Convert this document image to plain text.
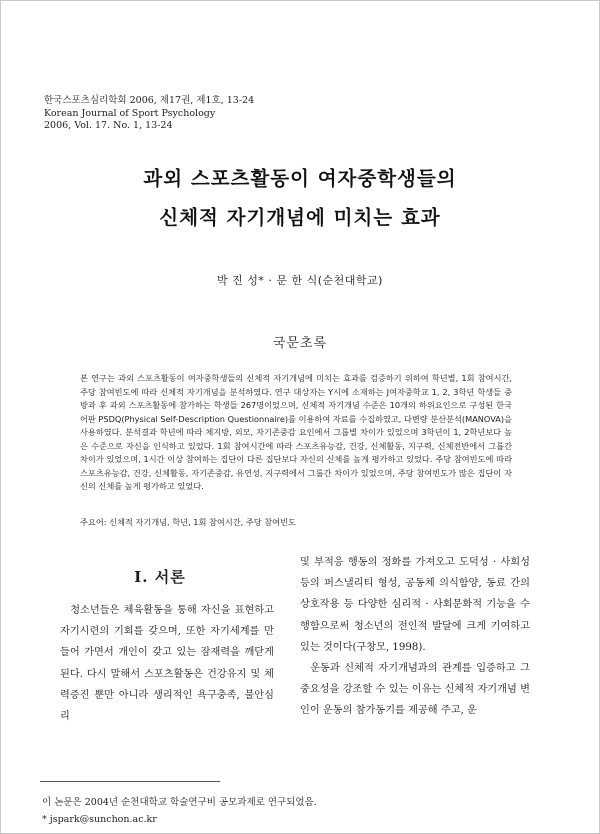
한국스포츠심리학회 2006, 제17권, 제1호, 13-24
Korean Journal of Sport Psychology
2006, Vol. 17. No. 1, 13-24
과외 스포츠활동이 여자중학생들의
신체적 자기개념에 미치는 효과
박 진 성* · 문 한 식(순천대학교)
국문초록

본 연구는 과외 스포츠활동이 여자중학생들의 신체적 자기개념에 미치는 효과를 검증하기 위하여 학년별, 1회 참여시간, 주당 참여빈도에 따라 신체적 자기개념을 분석하였다. 연구 대상자는 Y시에 소재하는 J여자중학교 1, 2, 3학년 학생들 중 방과 후 과외 스포츠활동에 참가하는 학생들 267명이었으며, 신체적 자기개념 수준은 10개의 하위요인으로 구성된 한국어판 PSDQ(Physical Self-Description Questionnaire)를 이용하여 자료를 수집하였고, 다변량 분산분석(MANOVA)을 사용하였다. 분석결과 학년에 따라 체지방, 외모, 자기존중감 요인에서 그룹별 차이가 있었으며 3학년이 1, 2학년보다 높은 수준으로 자신을 인식하고 있었다. 1회 참여시간에 따라 스포츠유능감, 건강, 신체활동, 지구력, 신체전반에서 그룹간 차이가 있었으며, 1시간 이상 참여하는 집단이 다른 집단보다 자신의 신체를 높게 평가하고 있었다. 주당 참여빈도에 따라 스포츠유능감, 건강, 신체활동, 자기존중감, 유연성, 지구력에서 그룹간 차이가 있었으며, 주당 참여빈도가 많은 집단이 자신의 신체를 높게 평가하고 있었다.

주요어: 신체적 자기개념, 학년, 1회 참여시간, 주당 참여빈도
Ⅰ. 서론

청소년들은 체육활동을 통해 자신을 표현하고 자기시련의 기회를 갖으며, 또한 자기세계를 만들어 가면서 개인이 갖고 있는 잠재력을 깨닫게 된다. 다시 말해서 스포츠활동은 건강유지 및 체력증진 뿐만 아니라 생리적인 욕구충족, 불안심리

및 부적응 행동의 정화를 가져오고 도덕성 · 사회성 등의 퍼스낼리티 형성, 공동체 의식함양, 동료 간의 상호작용 등 다양한 심리적 · 사회문화적 기능을 수행함으로써 청소년의 전인적 발달에 크게 기여하고 있는 것이다(구창모, 1998).

운동과 신체적 자기개념과의 관계를 입증하고 그 중요성을 강조할 수 있는 이유는 신체적 자기개념 변인이 운동의 참가동기를 제공해 주고, 운

이 논문은 2004년 순천대학교 학술연구비 공모과제로 연구되었음.
* jspark@sunchon.ac.kr
